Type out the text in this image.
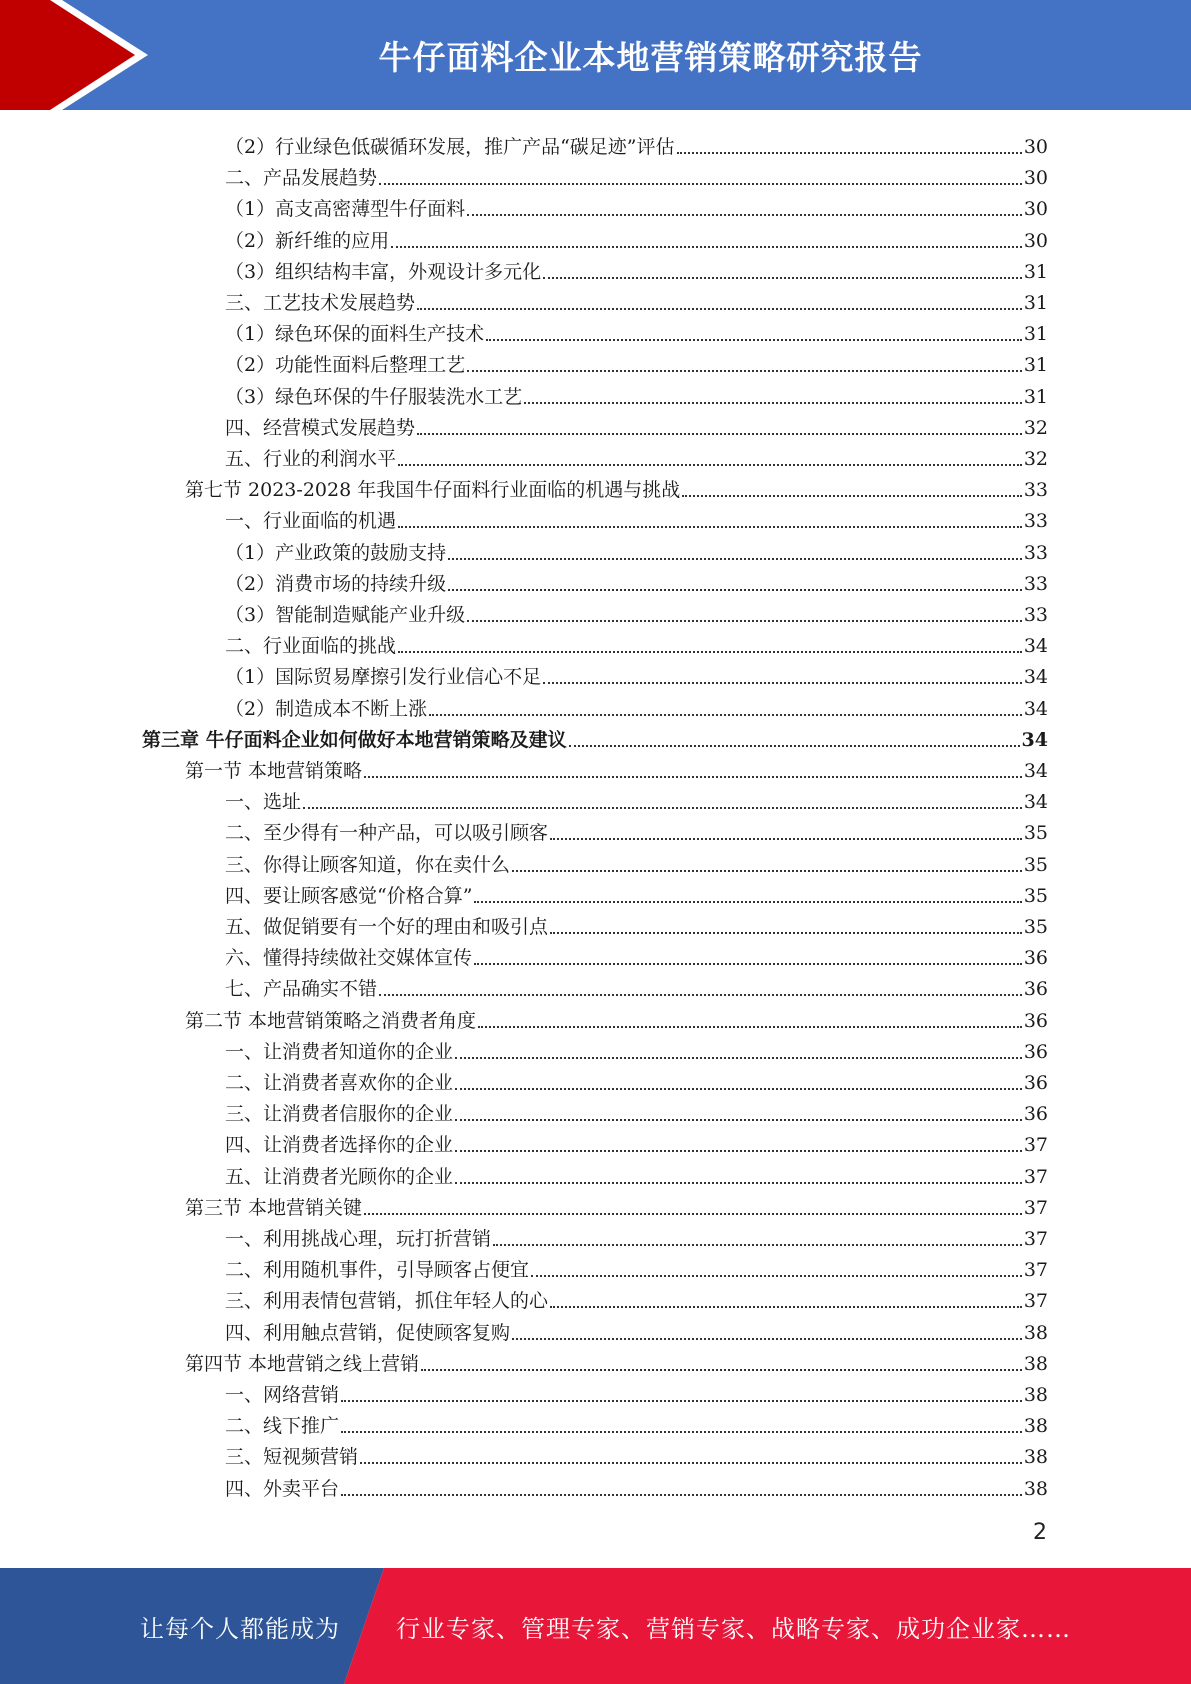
牛仔面料企业本地营销策略研究报告
（2）行业绿色低碳循环发展，推广产品“碳足迹”评估	30
二、产品发展趋势	30
（1）高支高密薄型牛仔面料	30
（2）新纤维的应用	30
（3）组织结构丰富，外观设计多元化	31
三、工艺技术发展趋势	31
（1）绿色环保的面料生产技术	31
（2）功能性面料后整理工艺	31
（3）绿色环保的牛仔服装洗水工艺	31
四、经营模式发展趋势	32
五、行业的利润水平	32
第七节 2023-2028 年我国牛仔面料行业面临的机遇与挑战	33
一、行业面临的机遇	33
（1）产业政策的鼓励支持	33
（2）消费市场的持续升级	33
（3）智能制造赋能产业升级	33
二、行业面临的挑战	34
（1）国际贸易摩擦引发行业信心不足	34
（2）制造成本不断上涨	34
第三章 牛仔面料企业如何做好本地营销策略及建议	34
第一节 本地营销策略	34
一、选址	34
二、至少得有一种产品，可以吸引顾客	35
三、你得让顾客知道，你在卖什么	35
四、要让顾客感觉“价格合算”	35
五、做促销要有一个好的理由和吸引点	35
六、懂得持续做社交媒体宣传	36
七、产品确实不错	36
第二节 本地营销策略之消费者角度	36
一、让消费者知道你的企业	36
二、让消费者喜欢你的企业	36
三、让消费者信服你的企业	36
四、让消费者选择你的企业	37
五、让消费者光顾你的企业	37
第三节 本地营销关键	37
一、利用挑战心理，玩打折营销	37
二、利用随机事件，引导顾客占便宜	37
三、利用表情包营销，抓住年轻人的心	37
四、利用触点营销，促使顾客复购	38
第四节 本地营销之线上营销	38
一、网络营销	38
二、线下推广	38
三、短视频营销	38
四、外卖平台	38
2
让每个人都能成为 行业专家、管理专家、营销专家、战略专家、成功企业家……
